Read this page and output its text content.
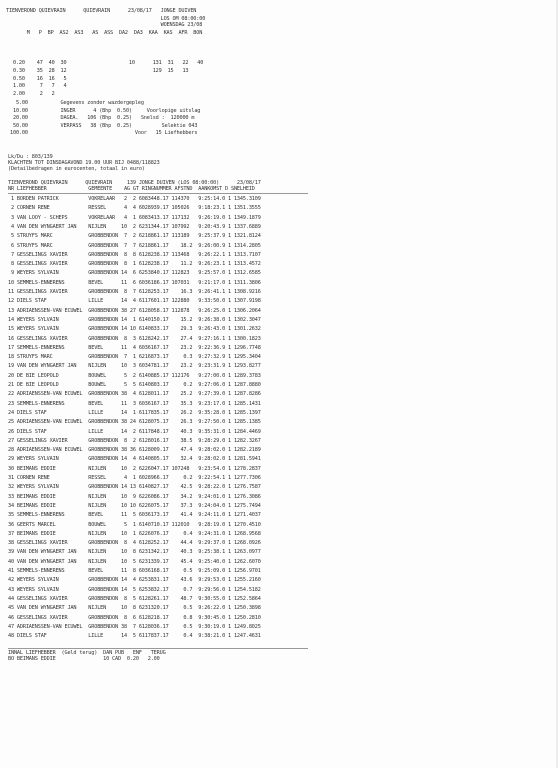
TIENVEROND QUIEVRAIN      QUIEVRAIN      23/08/17   JONGE DUIVEN
LOS OM 08:00:00
WOENSDAG 23/08
M   P  BP  AS2  AS3   AS  ASS  DA2  DA3  KAA  KAS  AFR  BON
0.20    47  40  30                     10      131  31   22   40
0.30    35  28  12                             129  15   13
0.50    16  16   5
1.00     7   7   4
2.00     2   2
5.00           Gegevens zonder wazdergepleg
10.00           INGER      4 (Bhp  0.50)     Voorlopige uitslag
20.00           DAGEA.   106 (Bhp  0.25)   Snelsd :  120000 m
50.00           VERPASS   38 (Bhp  0.25)          Selektie 043
100.00                                    Voor   15 Liefhebbers
Lk/Du : 803/139
KLACHTEN TOT DINSDAGAVOND 19.00 UUR BIJ 0488/118823
(Detailbedragen in eurocenten, totaal in euro)
TIENVEROND QUIEVRAIN      QUIEVRAIN     139 JONGE DUIVEN (LOS 08:00:00)      23/08/17
NR LIEFHEBBER              GEMEENTE    AG GT RINGNUMMER AFSTND  AANKOMST D SNELHEID
1 BORDEN PATRICK          VOKRELAAR   2  2 6083448.17 114370   9:25:14.0 1 1345.3109
2 CORNEN RENE             RESSEL      4  4 6028939.17 105026   9:18:23.1 1 1351.3555
3 VAN LOOY - SCHEPS       VOKRELAAR   4  1 6083413.17 117132   9:26:19.0 1 1349.1879
4 VAN DEN WYNGAERT JAN    NIJLEN     10  2 6231344.17 107992   9:20:43.9 1 1337.6889
5 STRUYFS MARC            GROBBENDON  7  2 6218861.17 113189   9:25:37.9 1 1321.8124
6 STRUYFS MARC            GROBBENDON  7  7 6218861.17    18.2  9:26:00.9 1 1314.2805
7 GESSELINGS XAVIER       GROBBENDON  8  8 6128238.17 113468   9:26:22.1 1 1313.7107
8 GESSELINGS XAVIER       GROBBENDON  8  1 6128238.17    11.2  9:26:23.1 1 1313.4572
9 WEYERS SYLVAIN          GROBBENDON 14  6 6253840.17 112823   9:25:57.0 1 1312.6585
10 SEMMELS-ENNERENS        BEVEL      11  6 6036186.17 107031   9:21:17.0 1 1311.3806
11 GESSELINGS XAVIER       GROBBENDON  8  7 6128253.17    16.3  9:26:41.1 1 1308.9216
12 DIELS STAF              LILLE      14  4 6117601.17 122880   9:33:50.0 1 1307.9198
13 ADRIAENSSEN-VAN ECUWEL  GROBBENDON 38 27 6128058.17 112878   9:26:25.0 1 1306.2064
14 WEYERS SYLVAIN          GROBBENDON 14  1 6140150.17    15.2  9:26:38.0 1 1302.3047
15 WEYERS SYLVAIN          GROBBENDON 14 10 6140833.17    29.3  9:26:43.0 1 1301.2632
16 GESSELINGS XAVIER       GROBBENDON  8  3 6128242.17    27.4  9:27:16.1 1 1300.1823
17 SEMMELS-ENNERENS        BEVEL      11  4 6036167.17    23.2  9:22:36.9 1 1296.7748
18 STRUYFS MARC            GROBBENDON  7  1 6216873.17     0.3  9:27:32.9 1 1295.3404
19 VAN DEN WYNGAERT JAN    NIJLEN     10  3 6034781.17    23.2  9:23:31.9 1 1293.8277
20 DE BIE LEOPOLD          BOUWEL      5  2 6140885.17 112176   9:27:00.0 1 1289.3783
21 DE BIE LEOPOLD          BOUWEL      5  5 6140803.17     0.2  9:27:06.0 1 1287.8880
22 ADRIAENSSEN-VAN ECUWEL  GROBBENDON 38  4 6128011.17    25.2  9:27:39.0 1 1287.8286
23 SEMMELS-ENNERENS        BEVEL      11  3 6036167.17    35.3  9:23:17.0 1 1285.1431
24 DIELS STAF              LILLE      14  1 6117835.17    26.2  9:35:28.0 1 1285.1397
25 ADRIAENSSEN-VAN ECUWEL  GROBBENDON 38 24 6128075.17    26.3  9:27:50.0 1 1285.1385
26 DIELS STAF              LILLE      14  2 6117848.17    40.3  9:35:31.0 1 1284.4469
27 GESSELINGS XAVIER       GROBBENDON  8  2 6128016.17    38.5  9:28:29.0 1 1282.3267
28 ADRIAENSSEN-VAN ECUWEL  GROBBENDON 38 36 6128009.17    47.4  9:28:02.0 1 1282.2189
29 WEYERS SYLVAIN          GROBBENDON 14  4 6140805.17    32.4  9:28:02.0 1 1281.5941
30 BEIMANS EDDIE           NIJLEN     10  2 6226047.17 107248   9:23:54.0 1 1278.2837
31 CORNEN RENE             RESSEL      4  1 6028966.17     0.2  9:22:54.1 1 1277.7306
32 WEYERS SYLVAIN          GROBBENDON 14 13 6140827.17    42.5  9:28:22.0 1 1276.7587
33 BEIMANS EDDIE           NIJLEN     10  9 6226086.17    34.2  9:24:01.0 1 1276.3086
34 BEIMANS EDDIE           NIJLEN     10 10 6226075.17    37.3  9:24:04.0 1 1275.7494
35 SEMMELS-ENNERENS        BEVEL      11  5 6036173.17    41.4  9:24:11.0 1 1271.4037
36 GEERTS MARCEL           BOUWEL      5  1 6140710.17 112010   9:28:19.0 1 1270.4510
37 BEIMANS EDDIE           NIJLEN     10  1 6226076.17     0.4  9:24:31.0 1 1268.9568
38 GESSELINGS XAVIER       GROBBENDON  8  4 6128252.17    44.4  9:29:37.0 1 1268.0926
39 VAN DEN WYNGAERT JAN    NIJLEN     10  8 6231342.17    40.3  9:25:38.1 1 1263.0977
40 VAN DEN WYNGAERT JAN    NIJLEN     10  5 6231339.17    45.4  9:25:40.0 1 1262.6070
41 SEMMELS-ENNERENS        BEVEL      11  8 6036168.17     0.5  9:25:09.0 1 1256.9701
42 WEYERS SYLVAIN          GROBBENDON 14  4 6253831.17    43.6  9:29:53.0 1 1255.2160
43 WEYERS SYLVAIN          GROBBENDON 14  5 6253832.17     0.7  9:29:56.0 1 1254.5182
44 GESSELINGS XAVIER       GROBBENDON  8  5 6128261.17    48.7  9:30:55.0 1 1252.5864
45 VAN DEN WYNGAERT JAN    NIJLEN     10  8 6231320.17     0.5  9:26:22.0 1 1250.3898
46 GESSELINGS XAVIER       GROBBENDON  8  6 6128218.17     0.8  9:30:45.0 1 1250.2810
47 ADRIAENSSEN-VAN ECUWEL  GROBBENDON 38  7 6128036.17     0.5  9:30:19.0 1 1249.8025
48 DIELS STAF              LILLE      14  5 6117837.17     0.4  9:38:21.0 1 1247.4631
INNAL LIEFHEBBER  (Geld terug)  DAN PUB   ENF   TERUG
BO BEIMANS EDDIE                10 CAD  0.20   2.00
